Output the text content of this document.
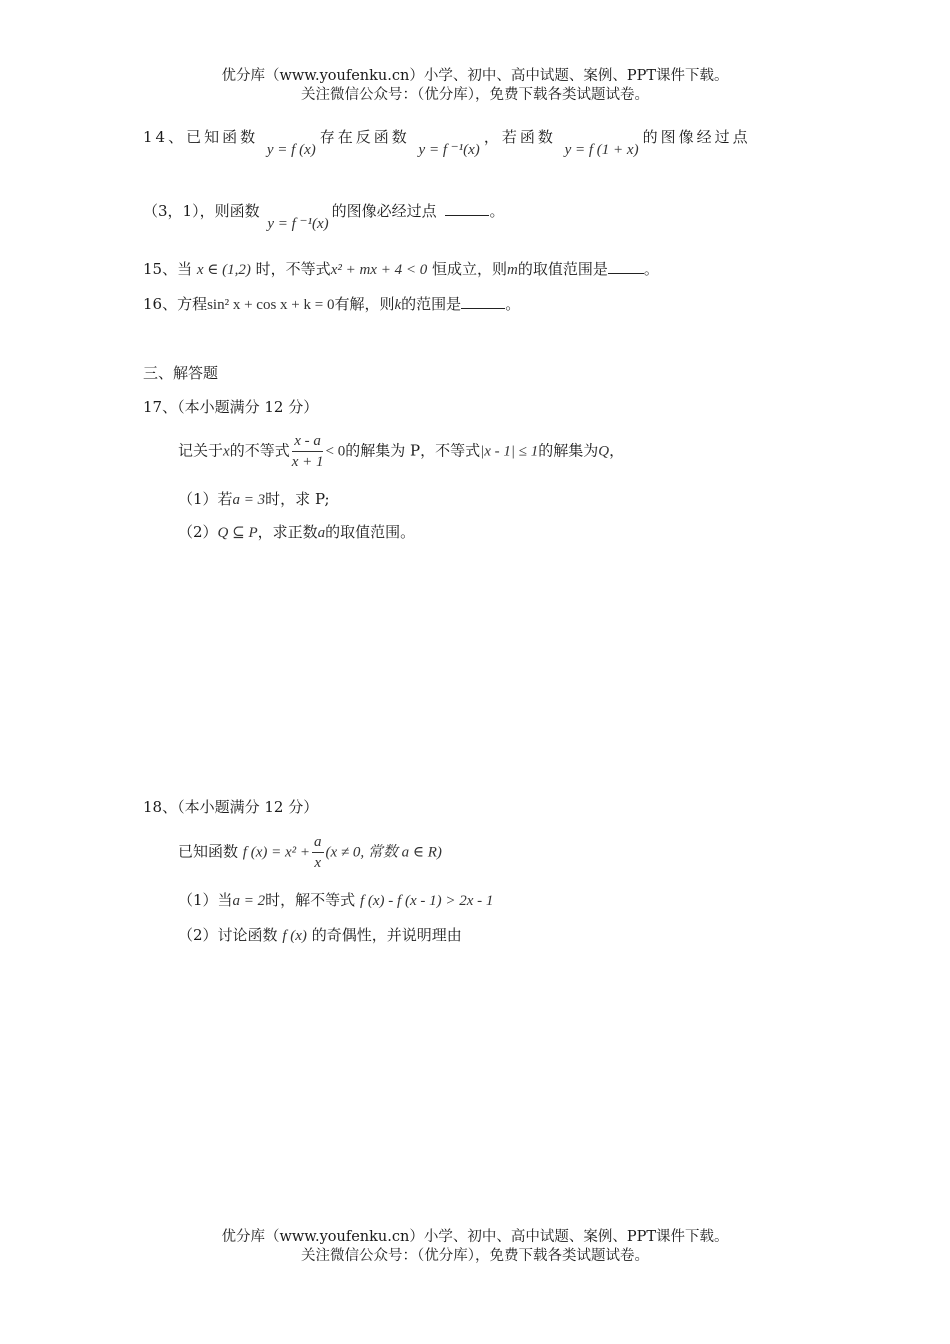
优分库（www.youfenku.cn）小学、初中、高中试题、案例、PPT课件下载。
关注微信公众号：（优分库），免费下载各类试题试卷。
14、已知函数 y = f (x)存在反函数 y = f ⁻¹(x)，若函数 y = f (1 + x)的图像经过点
（3，1），则函数 y = f ⁻¹(x)的图像必经过点	。
15、当 x ∈ (1,2) 时，不等式x² + mx + 4 < 0 恒成立，则m的取值范围是 。
16、方程sin² x + cos x + k = 0有解，则k的范围是	。
三、解答题
17、（本小题满分 12 分）
记关于x的不等式 $\frac{x - a}{x + 1} < 0$的解集为 P，不等式|x - 1| ≤ 1的解集为Q，
（1）若a = 3时，求 P;
（2）Q ⊆ P，求正数a的取值范围。
18、（本小题满分 12 分）
已知函数 f $(x) = x^2 + \frac{a}{x} (x \ne 0$, 常数 a ∈ R)
（1）当a = 2时，解不等式 f (x) - f (x - 1) > 2x - 1
（2）讨论函数 f (x) 的奇偶性，并说明理由
优分库（www.youfenku.cn）小学、初中、高中试题、案例、PPT课件下载。
关注微信公众号：（优分库），免费下载各类试题试卷。
